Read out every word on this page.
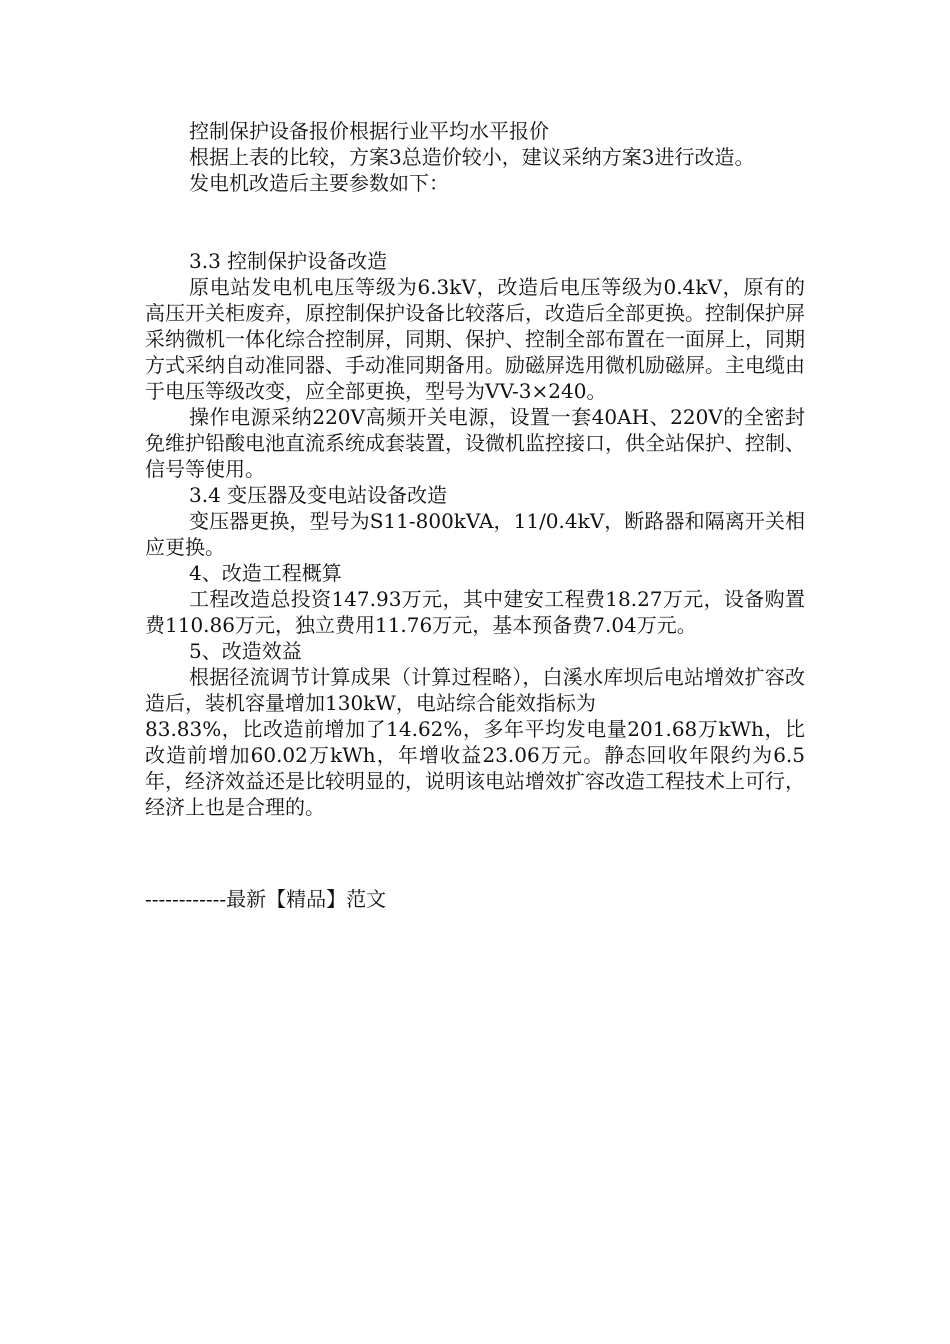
控制保护设备报价根据行业平均水平报价

根据上表的比较，方案3总造价较小，建议采纳方案3进行改造。

发电机改造后主要参数如下：

3.3 控制保护设备改造

原电站发电机电压等级为6.3kV，改造后电压等级为0.4kV，原有的高压开关柜废弃，原控制保护设备比较落后，改造后全部更换。控制保护屏采纳微机一体化综合控制屏，同期、保护、控制全部布置在一面屏上，同期方式采纳自动准同器、手动准同期备用。励磁屏选用微机励磁屏。主电缆由于电压等级改变，应全部更换，型号为VV-3×240。

操作电源采纳220V高频开关电源，设置一套40AH、220V的全密封免维护铅酸电池直流系统成套装置，设微机监控接口，供全站保护、控制、信号等使用。

3.4 变压器及变电站设备改造

变压器更换，型号为S11-800kVA，11/0.4kV，断路器和隔离开关相应更换。

4、改造工程概算

工程改造总投资147.93万元，其中建安工程费18.27万元，设备购置费110.86万元，独立费用11.76万元，基本预备费7.04万元。

5、改造效益

根据径流调节计算成果（计算过程略），白溪水库坝后电站增效扩容改造后，装机容量增加130kW，电站综合能效指标为

83.83%，比改造前增加了14.62%，多年平均发电量201.68万kWh，比改造前增加60.02万kWh，年增收益23.06万元。静态回收年限约为6.5年，经济效益还是比较明显的，说明该电站增效扩容改造工程技术上可行，经济上也是合理的。

------------最新【精品】范文
